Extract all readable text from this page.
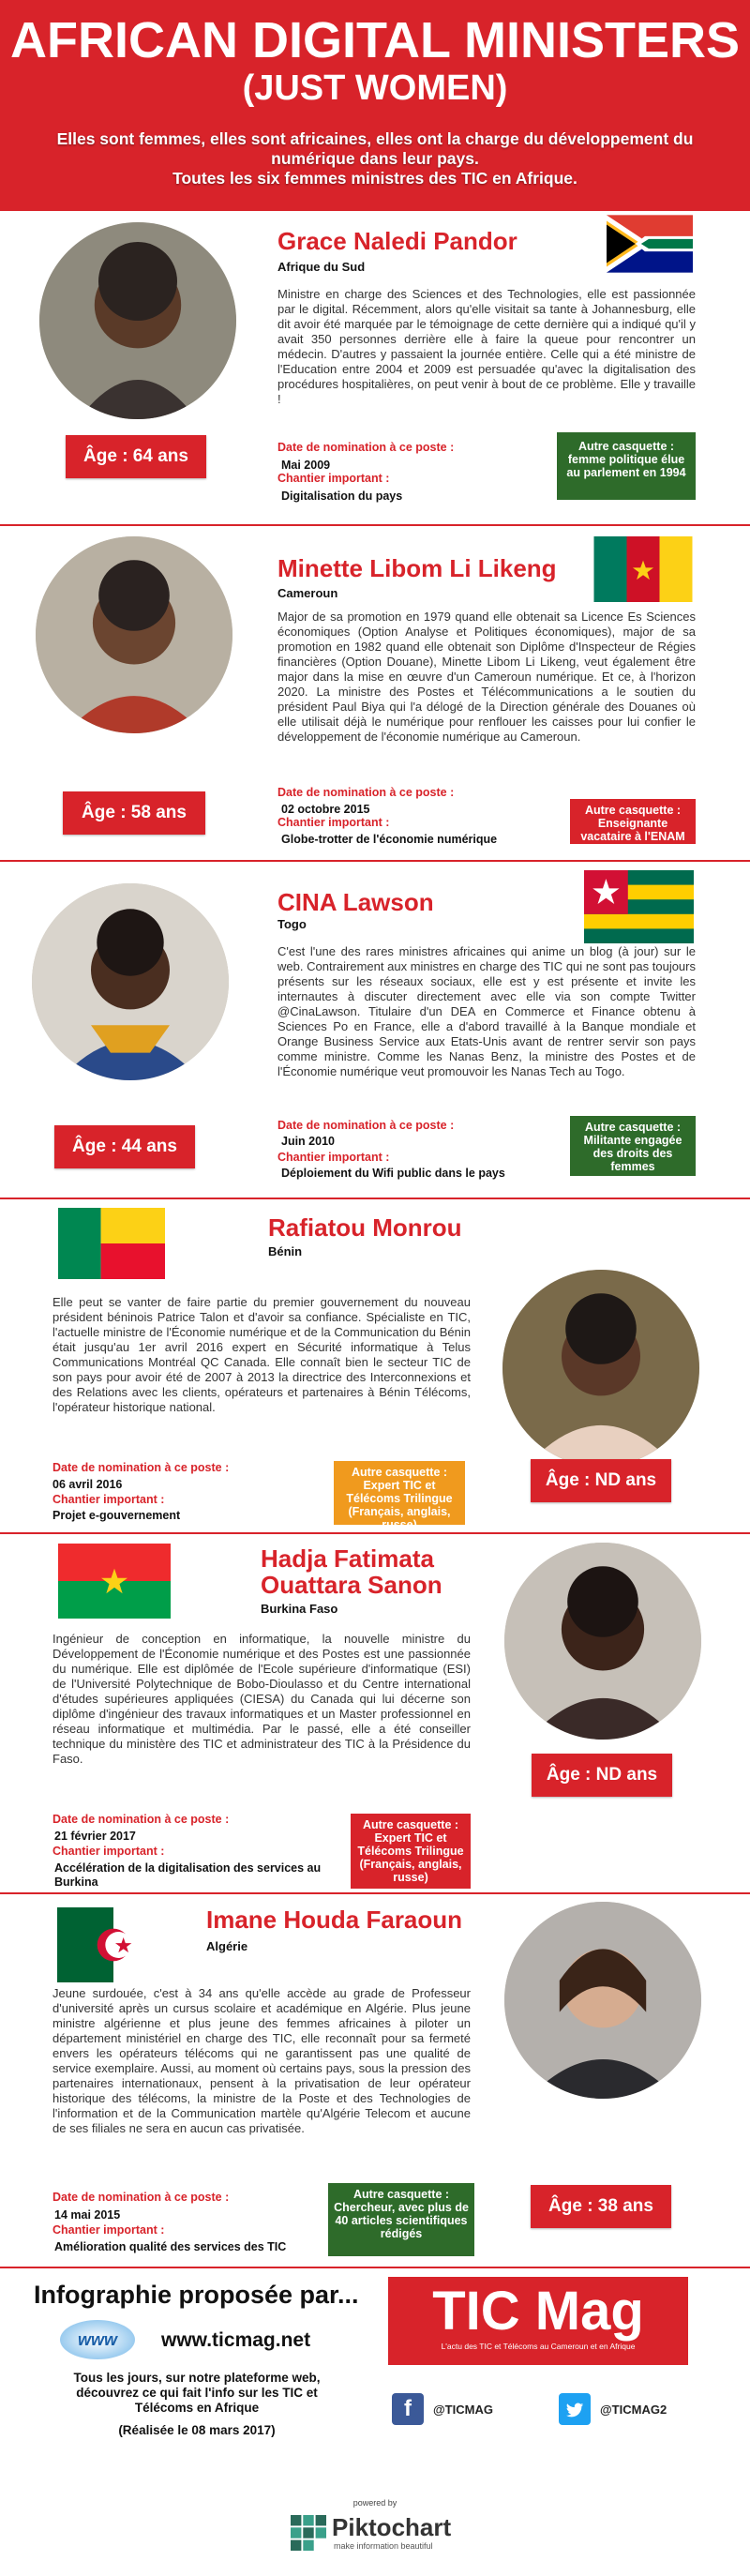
AFRICAN DIGITAL MINISTERS
(JUST WOMEN)

Elles sont femmes, elles sont africaines, elles ont la charge du développement du numérique dans leur pays.
Toutes les six femmes ministres des TIC en Afrique.

Âge : 64 ans
Grace Naledi Pandor
Afrique du Sud
Ministre en charge des Sciences et des Technologies, elle est passionnée par le digital. Récemment, alors qu'elle visitait sa tante à Johannesburg, elle dit avoir été marquée par le témoignage de cette dernière qui a indiqué qu'il y avait 350 personnes derrière elle à faire la queue pour rencontrer un médecin. D'autres y passaient la journée entière. Celle qui a été ministre de l'Education entre 2004 et 2009 est persuadée qu'avec la digitalisation des procédures hospitalières, on peut venir à bout de ce problème. Elle y travaille !
Date de nomination à ce poste :
Mai 2009
Chantier important :
Digitalisation du pays
Autre casquette : femme politique élue au parlement en 1994
Âge : 58 ans
Minette Libom Li Likeng
Cameroun
Major de sa promotion en 1979 quand elle obtenait sa Licence Es Sciences économiques (Option Analyse et Politiques économiques), major de sa promotion en 1982 quand elle obtenait son Diplôme d'Inspecteur de Régies financières (Option Douane), Minette Libom Li Likeng, veut également être major dans la mise en œuvre d'un Cameroun numérique. Et ce, à l'horizon 2020. La ministre des Postes et Télécommunications a le soutien du président Paul Biya qui l'a délogé de la Direction générale des Douanes où elle utilisait déjà le numérique pour renflouer les caisses pour lui confier le développement de l'économie numérique au Cameroun.
Date de nomination à ce poste :
02 octobre 2015
Chantier important :
Globe-trotter de l'économie numérique
Autre casquette : Enseignante vacataire à l'ENAM
Âge : 44 ans
CINA Lawson
Togo
C'est l'une des rares ministres africaines qui anime un blog (à jour) sur le web. Contrairement aux ministres en charge des TIC qui ne sont pas toujours présents sur les réseaux sociaux, elle est y est présente et invite les internautes à discuter directement avec elle via son compte Twitter @CinaLawson. Titulaire d'un DEA en Commerce et Finance obtenu à Sciences Po en France, elle a d'abord travaillé à la Banque mondiale et Orange Business Service aux Etats-Unis avant de rentrer servir son pays comme ministre. Comme les Nanas Benz, la ministre des Postes et de l'Économie numérique veut promouvoir les Nanas Tech au Togo.
Date de nomination à ce poste :
Juin 2010
Chantier important :
Déploiement du Wifi public dans le pays
Autre casquette : Militante engagée des droits des femmes
Rafiatou Monrou
Bénin
Elle peut se vanter de faire partie du premier gouvernement du nouveau président béninois Patrice Talon et d'avoir sa confiance. Spécialiste en TIC, l'actuelle ministre de l'Économie numérique et de la Communication du Bénin était jusqu'au 1er avril 2016 expert en Sécurité informatique à Telus Communications Montréal QC Canada. Elle connaît bien le secteur TIC de son pays pour avoir été de 2007 à 2013 la directrice des Interconnexions et des Relations avec les clients, opérateurs et partenaires à Bénin Télécoms, l'opérateur historique national.
Date de nomination à ce poste :
06 avril 2016
Chantier important :
Projet e-gouvernement
Autre casquette : Expert TIC et Télécoms Trilingue (Français, anglais, russe)
Âge : ND ans
Hadja Fatimata Ouattara Sanon
Burkina Faso
Ingénieur de conception en informatique, la nouvelle ministre du Développement de l'Économie numérique et des Postes est une passionnée du numérique. Elle est diplômée de l'Ecole supérieure d'informatique (ESI) de l'Université Polytechnique de Bobo-Dioulasso et du Centre international d'études supérieures appliquées (CIESA) du Canada qui lui décerne son diplôme d'ingénieur des travaux informatiques et un Master professionnel en réseau informatique et multimédia. Par le passé, elle a été conseiller technique du ministère des TIC et administrateur des TIC à la Présidence du Faso.
Date de nomination à ce poste :
21 février 2017
Chantier important :
Accélération de la digitalisation des services au Burkina
Autre casquette : Expert TIC et Télécoms Trilingue (Français, anglais, russe)
Âge : ND ans
Imane Houda Faraoun
Algérie
Jeune surdouée, c'est à 34 ans qu'elle accède au grade de Professeur d'université après un cursus scolaire et académique en Algérie. Plus jeune ministre algérienne et plus jeune des femmes africaines à piloter un département ministériel en charge des TIC, elle reconnaît pour sa fermeté envers les opérateurs télécoms qui ne garantissent pas une qualité de service exemplaire. Aussi, au moment où certains pays, sous la pression des partenaires internationaux, pensent à la privatisation de leur opérateur historique des télécoms, la ministre de la Poste et des Technologies de l'information et de la Communication martèle qu'Algérie Telecom et aucune de ses filiales ne sera en aucun cas privatisée.
Date de nomination à ce poste :
14 mai 2015
Chantier important :
Amélioration qualité des services des TIC
Autre casquette : Chercheur, avec plus de 40 articles scientifiques rédigés
Âge : 38 ans
Infographie proposée par...
www	www.ticmag.net
Tous les jours, sur notre plateforme web, découvrez ce qui fait l'info sur les TIC et Télécoms en Afrique
(Réalisée le 08 mars 2017)
TIC Mag
L'actu des TIC et Télécoms au Cameroun et en Afrique
f	@TICMAG	@TICMAG2
powered by
Piktochart
make information beautiful
